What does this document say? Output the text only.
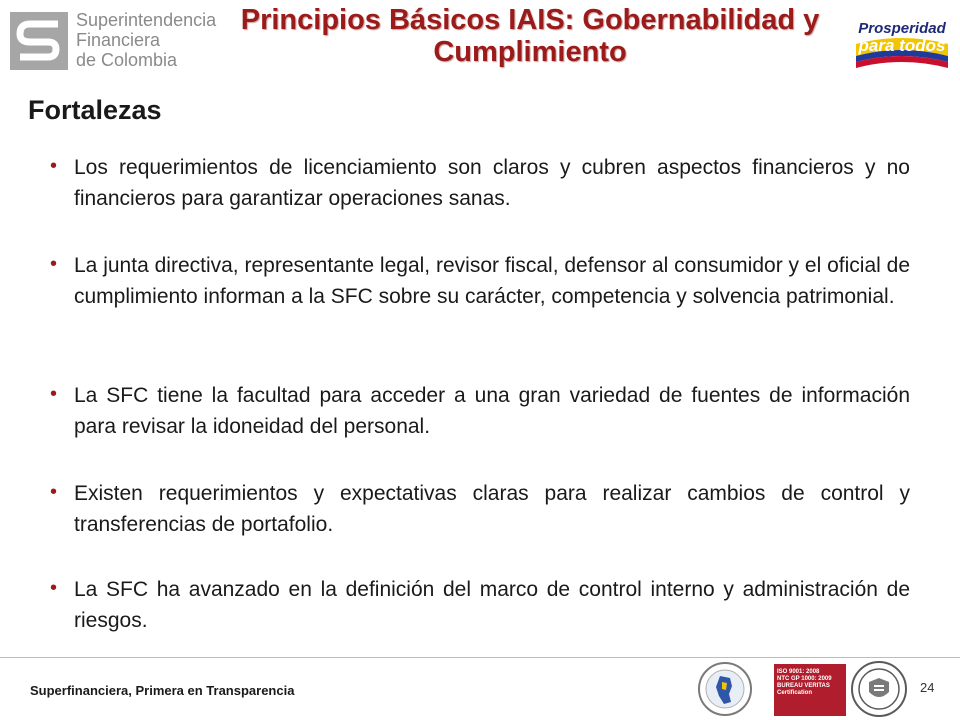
Superintendencia
Financiera
de Colombia
Principios Básicos IAIS: Gobernabilidad y Cumplimiento
Prosperidad
para todos
Fortalezas
• Los requerimientos de licenciamiento son claros y cubren aspectos financieros y no financieros para garantizar operaciones sanas.
• La junta directiva, representante legal, revisor fiscal, defensor al consumidor y el oficial de cumplimiento informan a la SFC sobre su carácter, competencia y solvencia patrimonial.
• La SFC tiene la facultad para acceder a una gran variedad de fuentes de información para revisar la idoneidad del personal.
• Existen requerimientos y expectativas claras para realizar cambios de control y transferencias de portafolio.
• La SFC ha avanzado en la definición del marco de control interno y administración de riesgos.
Superfinanciera, Primera en Transparencia
ISO 9001: 2008
NTC GP 1000: 2009
BUREAU VERITAS
Certification	24
